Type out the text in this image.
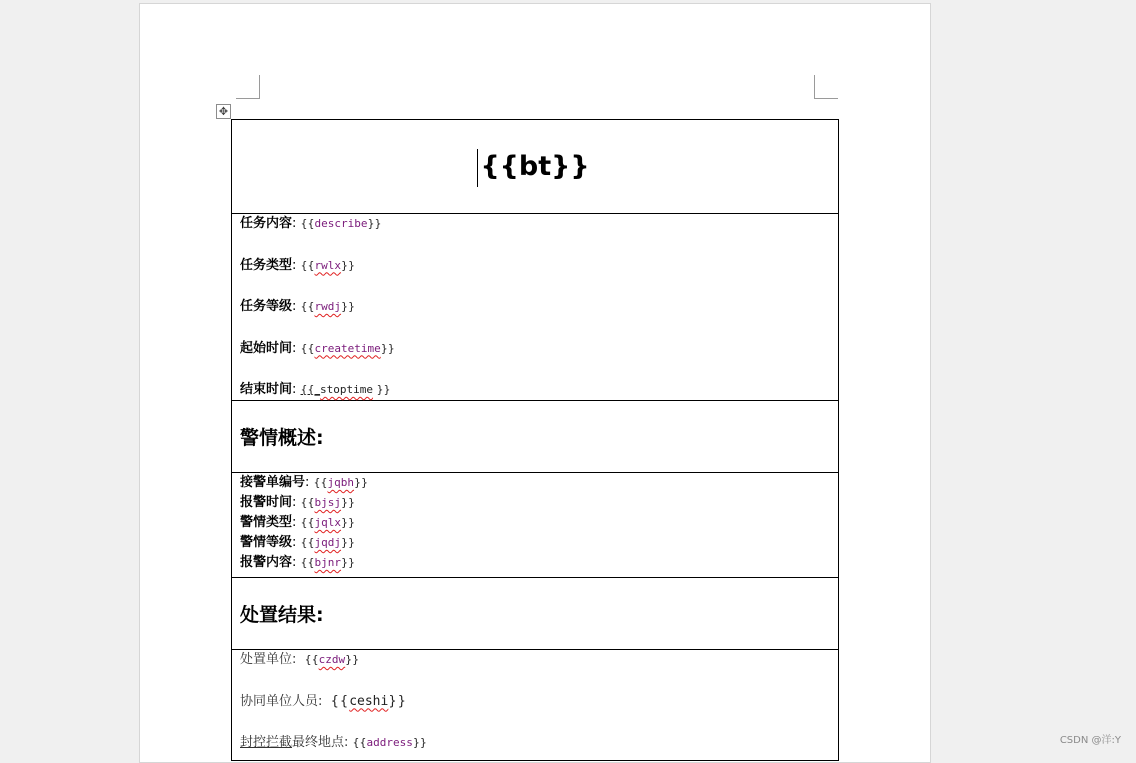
✥
{{bt}}

任务内容: {{describe}}
任务类型: {{rwlx}}
任务等级: {{rwdj}}
起始时间: {{createtime}}
结束时间: {{_stoptime }}

警情概述:

接警单编号: {{jqbh}}
报警时间: {{bjsj}}
警情类型: {{jqlx}}
警情等级: {{jqdj}}
报警内容: {{bjnr}}

处置结果:

处置单位: {{czdw}}
协同单位人员: {{ceshi}}
封控拦截最终地点: {{address}}
CSDN @洋:Y
